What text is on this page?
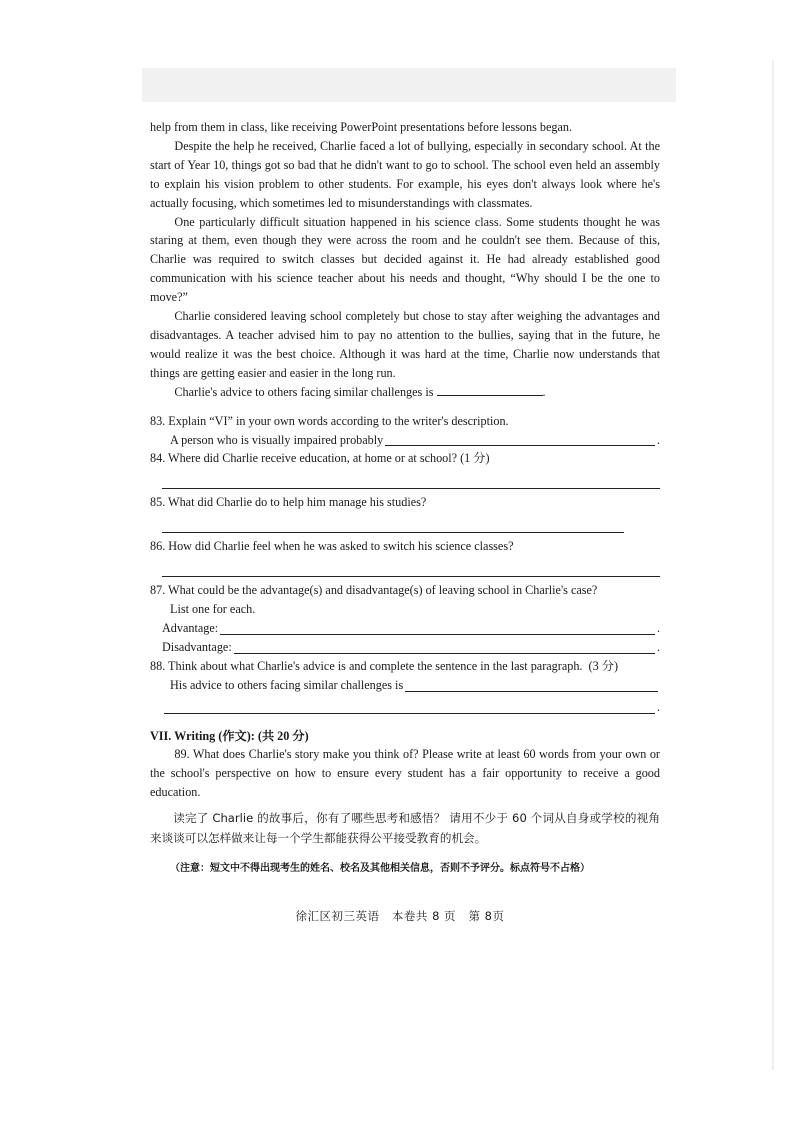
help from them in class, like receiving PowerPoint presentations before lessons began.

Despite the help he received, Charlie faced a lot of bullying, especially in secondary school. At the start of Year 10, things got so bad that he didn't want to go to school. The school even held an assembly to explain his vision problem to other students. For example, his eyes don't always look where he's actually focusing, which sometimes led to misunderstandings with classmates.

One particularly difficult situation happened in his science class. Some students thought he was staring at them, even though they were across the room and he couldn't see them. Because of this, Charlie was required to switch classes but decided against it. He had already established good communication with his science teacher about his needs and thought, “Why should I be the one to move?”

Charlie considered leaving school completely but chose to stay after weighing the advantages and disadvantages. A teacher advised him to pay no attention to the bullies, saying that in the future, he would realize it was the best choice. Although it was hard at the time, Charlie now understands that things are getting easier and easier in the long run.

Charlie's advice to others facing similar challenges is	.

83. Explain “VI” in your own words according to the writer's description.

A person who is visually impaired probably	.

84. Where did Charlie receive education, at home or at school? (1 分)

85. What did Charlie do to help him manage his studies?

86. How did Charlie feel when he was asked to switch his science classes?

87. What could be the advantage(s) and disadvantage(s) of leaving school in Charlie's case?

List one for each.

Advantage:	.
Disadvantage:	.

88. Think about what Charlie's advice is and complete the sentence in the last paragraph.  (3 分)

His advice to others facing similar challenges is
.

VII. Writing (作文): (共 20 分)

89. What does Charlie's story make you think of? Please write at least 60 words from your own or the school's perspective on how to ensure every student has a fair opportunity to receive a good education.

读完了 Charlie 的故事后，你有了哪些思考和感悟？ 请用不少于 60 个词从自身或学校的视角来谈谈可以怎样做来让每一个学生都能获得公平接受教育的机会。

（注意：短文中不得出现考生的姓名、校名及其他相关信息，否则不予评分。标点符号不占格）

徐汇区初三英语   本卷共 8 页   第 8页
